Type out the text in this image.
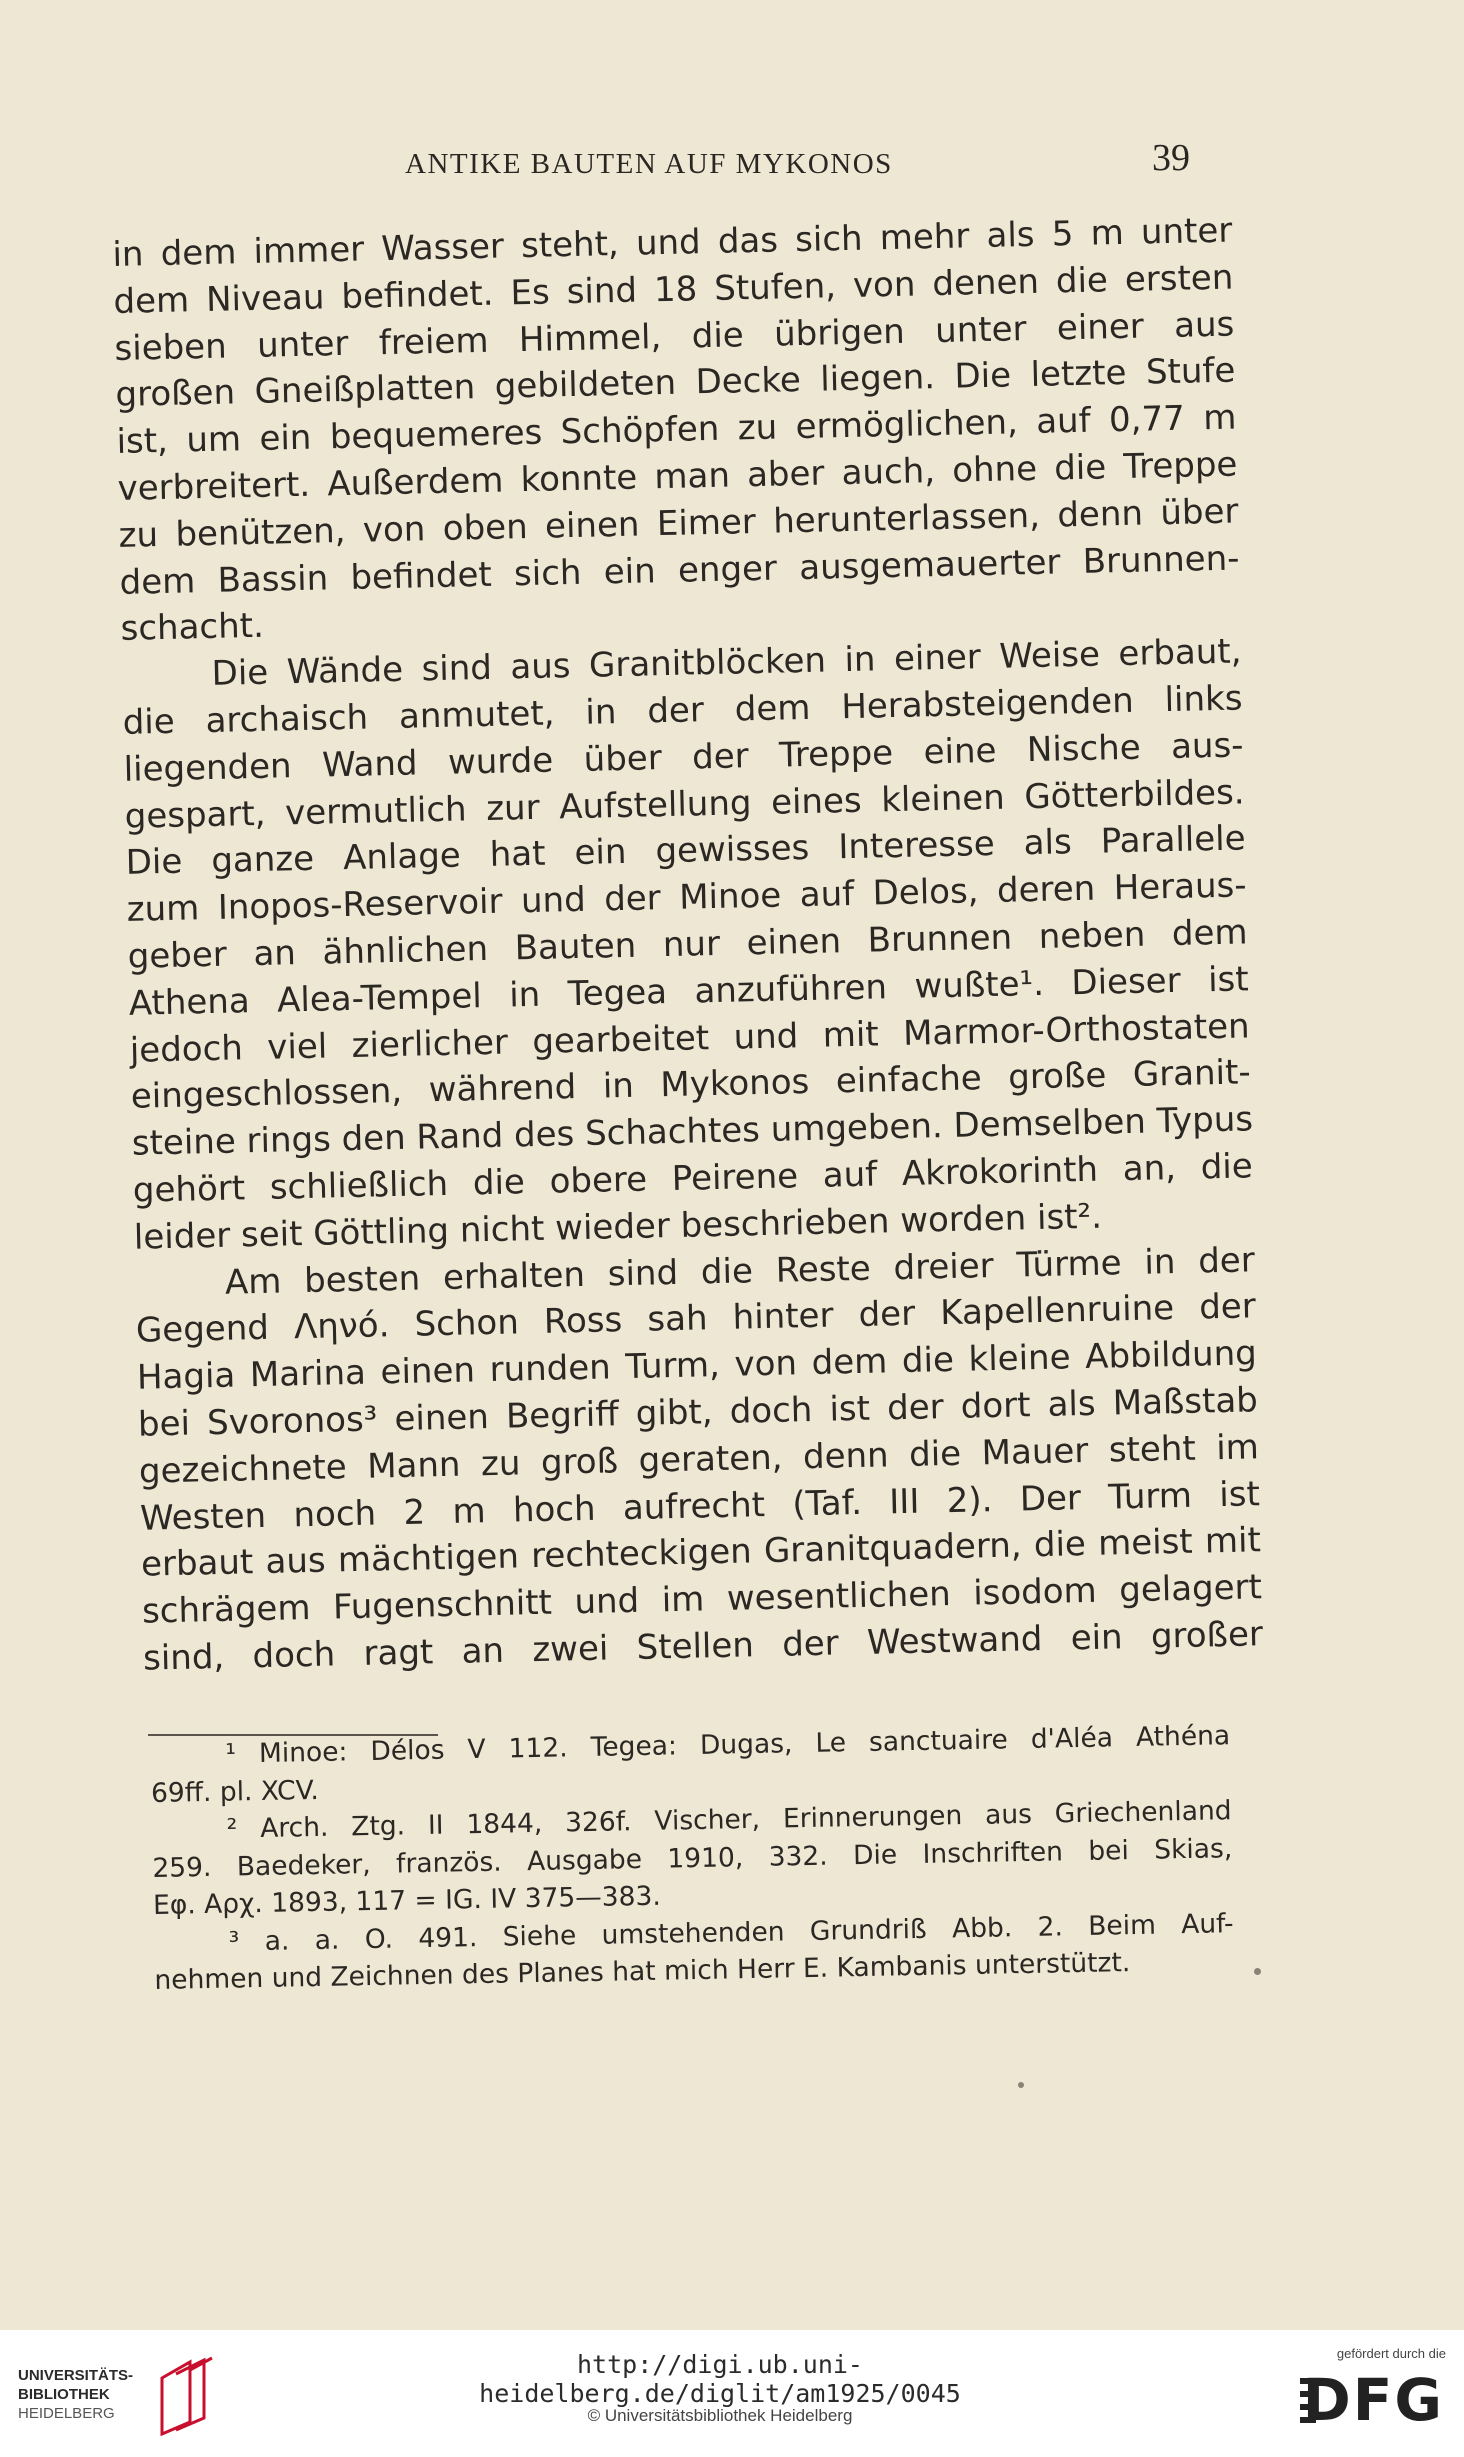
ANTIKE BAUTEN AUF MYKONOS	39
in dem immer Wasser steht, und das sich mehr als 5 m unter
dem Niveau befindet. Es sind 18 Stufen, von denen die ersten
sieben unter freiem Himmel, die übrigen unter einer aus
großen Gneißplatten gebildeten Decke liegen. Die letzte Stufe
ist, um ein bequemeres Schöpfen zu ermöglichen, auf 0,77 m
verbreitert. Außerdem konnte man aber auch, ohne die Treppe
zu benützen, von oben einen Eimer herunterlassen, denn über
dem Bassin befindet sich ein enger ausgemauerter Brunnen-
schacht.
Die Wände sind aus Granitblöcken in einer Weise erbaut,
die archaisch anmutet, in der dem Herabsteigenden links
liegenden Wand wurde über der Treppe eine Nische aus-
gespart, vermutlich zur Aufstellung eines kleinen Götterbildes.
Die ganze Anlage hat ein gewisses Interesse als Parallele
zum Inopos-Reservoir und der Minoe auf Delos, deren Heraus-
geber an ähnlichen Bauten nur einen Brunnen neben dem
Athena Alea-Tempel in Tegea anzuführen wußte¹. Dieser ist
jedoch viel zierlicher gearbeitet und mit Marmor-Orthostaten
eingeschlossen, während in Mykonos einfache große Granit-
steine rings den Rand des Schachtes umgeben. Demselben Typus
gehört schließlich die obere Peirene auf Akrokorinth an, die
leider seit Göttling nicht wieder beschrieben worden ist².
Am besten erhalten sind die Reste dreier Türme in der
Gegend Ληνό. Schon Ross sah hinter der Kapellenruine der
Hagia Marina einen runden Turm, von dem die kleine Abbildung
bei Svoronos³ einen Begriff gibt, doch ist der dort als Maßstab
gezeichnete Mann zu groß geraten, denn die Mauer steht im
Westen noch 2 m hoch aufrecht (Taf. III 2). Der Turm ist
erbaut aus mächtigen rechteckigen Granitquadern, die meist mit
schrägem Fugenschnitt und im wesentlichen isodom gelagert
sind, doch ragt an zwei Stellen der Westwand ein großer
¹ Minoe: Délos V 112. Tegea: Dugas, Le sanctuaire d'Aléa Athéna
69ff. pl. XCV.
² Arch. Ztg. II 1844, 326f. Vischer, Erinnerungen aus Griechenland
259. Baedeker, französ. Ausgabe 1910, 332. Die Inschriften bei Skias,
Εφ. Αρχ. 1893, 117 = IG. IV 375—383.
³ a. a. O. 491. Siehe umstehenden Grundriß Abb. 2. Beim Auf-
nehmen und Zeichnen des Planes hat mich Herr E. Kambanis unterstützt.
UNIVERSITÄTS-
BIBLIOTHEK
HEIDELBERG
http://digi.ub.uni-heidelberg.de/diglit/am1925/0045
© Universitätsbibliothek Heidelberg
gefördert durch die
DFG
